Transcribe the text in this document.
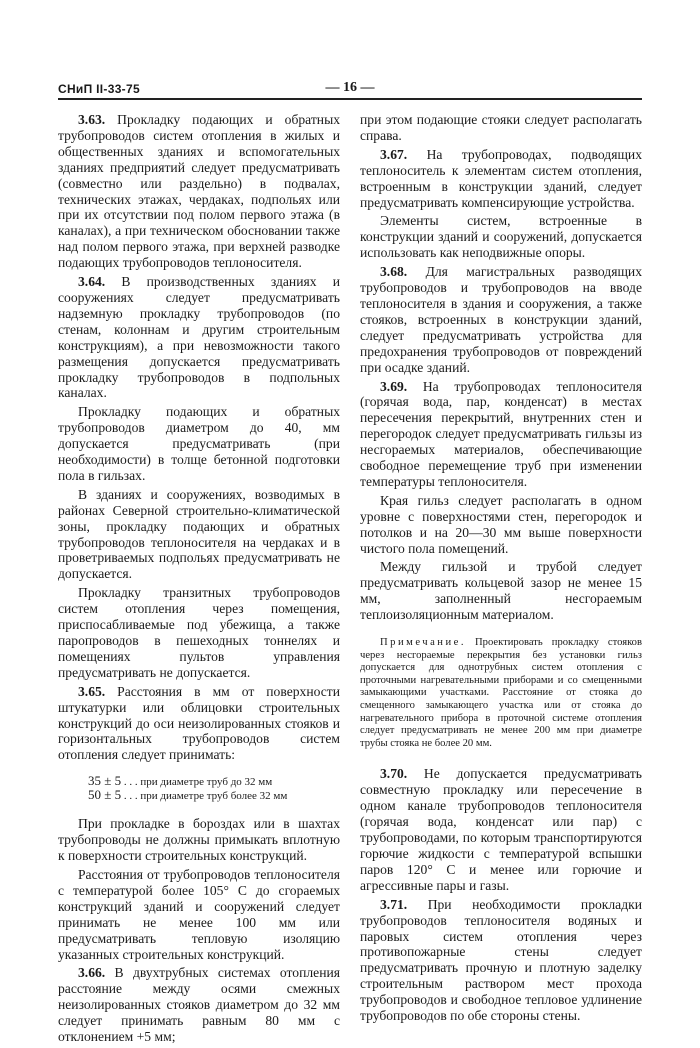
СНиП II-33-75	— 16 —

3.63. Прокладку подающих и обратных трубопроводов систем отопления в жилых и общественных зданиях и вспомогательных зданиях предприятий следует предусматривать (совместно или раздельно) в подвалах, технических этажах, чердаках, подпольях или при их отсутствии под полом первого этажа (в каналах), а при техническом обосновании также над полом первого этажа, при верхней разводке подающих трубопроводов теплоносителя.

3.64. В производственных зданиях и сооружениях следует предусматривать надземную прокладку трубопроводов (по стенам, колоннам и другим строительным конструкциям), а при невозможности такого размещения допускается предусматривать прокладку трубопроводов в подпольных каналах.

Прокладку подающих и обратных трубопроводов диаметром до 40, мм допускается предусматривать (при необходимости) в толще бетонной подготовки пола в гильзах.

В зданиях и сооружениях, возводимых в районах Северной строительно-климатической зоны, прокладку подающих и обратных трубопроводов теплоносителя на чердаках и в проветриваемых подпольях предусматривать не допускается.

Прокладку транзитных трубопроводов систем отопления через помещения, приспосабливаемые под убежища, а также паропроводов в пешеходных тоннелях и помещениях пультов управления предусматривать не допускается.

3.65. Расстояния в мм от поверхности штукатурки или облицовки строительных конструкций до оси неизолированных стояков и горизонтальных трубопроводов систем отопления следует принимать:

35 ± 5 . . . при диаметре труб до 32 мм
50 ± 5 . . . при диаметре труб более 32 мм

При прокладке в бороздах или в шахтах трубопроводы не должны примыкать вплотную к поверхности строительных конструкций.

Расстояния от трубопроводов теплоносителя с температурой более 105° С до сгораемых конструкций зданий и сооружений следует принимать не менее 100 мм или предусматривать тепловую изоляцию указанных строительных конструкций.

3.66. В двухтрубных системах отопления расстояние между осями смежных неизолированных стояков диаметром до 32 мм следует принимать равным 80 мм с отклонением +5 мм;

при этом подающие стояки следует располагать справа.

3.67. На трубопроводах, подводящих теплоноситель к элементам систем отопления, встроенным в конструкции зданий, следует предусматривать компенсирующие устройства.

Элементы систем, встроенные в конструкции зданий и сооружений, допускается использовать как неподвижные опоры.

3.68. Для магистральных разводящих трубопроводов и трубопроводов на вводе теплоносителя в здания и сооружения, а также стояков, встроенных в конструкции зданий, следует предусматривать устройства для предохранения трубопроводов от повреждений при осадке зданий.

3.69. На трубопроводах теплоносителя (горячая вода, пар, конденсат) в местах пересечения перекрытий, внутренних стен и перегородок следует предусматривать гильзы из несгораемых материалов, обеспечивающие свободное перемещение труб при изменении температуры теплоносителя.

Края гильз следует располагать в одном уровне с поверхностями стен, перегородок и потолков и на 20—30 мм выше поверхности чистого пола помещений.

Между гильзой и трубой следует предусматривать кольцевой зазор не менее 15 мм, заполненный несгораемым теплоизоляционным материалом.

Примечание. Проектировать прокладку стояков через несгораемые перекрытия без установки гильз допускается для однотрубных систем отопления с проточными нагревательными приборами и со смещенными замыкающими участками. Расстояние от стояка до смещенного замыкающего участка или от стояка до нагревательного прибора в проточной системе отопления следует предусматривать не менее 200 мм при диаметре трубы стояка не более 20 мм.

3.70. Не допускается предусматривать совместную прокладку или пересечение в одном канале трубопроводов теплоносителя (горячая вода, конденсат или пар) с трубопроводами, по которым транспортируются горючие жидкости с температурой вспышки паров 120° С и менее или горючие и агрессивные пары и газы.

3.71. При необходимости прокладки трубопроводов теплоносителя водяных и паровых систем отопления через противопожарные стены следует предусматривать прочную и плотную заделку строительным раствором мест прохода трубопроводов и свободное тепловое удлинение трубопроводов по обе стороны стены.
